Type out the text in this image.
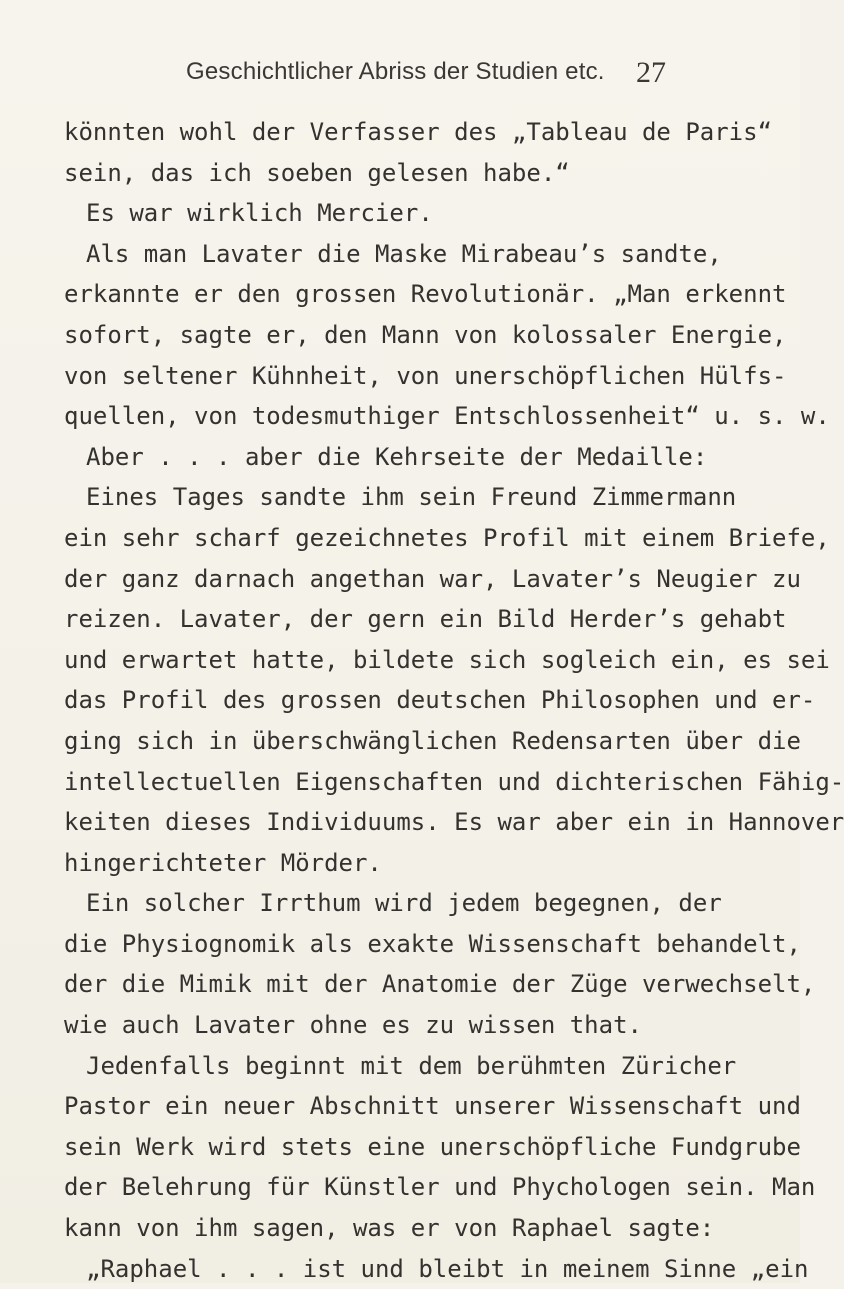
Geschichtlicher Abriss der Studien etc.	27
könnten wohl der Verfasser des „Tableau de Paris“
sein, das ich soeben gelesen habe.“
Es war wirklich Mercier.
Als man Lavater die Maske Mirabeau’s sandte,
erkannte er den grossen Revolutionär. „Man erkennt
sofort, sagte er, den Mann von kolossaler Energie,
von seltener Kühnheit, von unerschöpflichen Hülfs-
quellen, von todesmuthiger Entschlossenheit“ u. s. w.
Aber . . . aber die Kehrseite der Medaille:
Eines Tages sandte ihm sein Freund Zimmermann
ein sehr scharf gezeichnetes Profil mit einem Briefe,
der ganz darnach angethan war, Lavater’s Neugier zu
reizen. Lavater, der gern ein Bild Herder’s gehabt
und erwartet hatte, bildete sich sogleich ein, es sei
das Profil des grossen deutschen Philosophen und er-
ging sich in überschwänglichen Redensarten über die
intellectuellen Eigenschaften und dichterischen Fähig-
keiten dieses Individuums. Es war aber ein in Hannover
hingerichteter Mörder.
Ein solcher Irrthum wird jedem begegnen, der
die Physiognomik als exakte Wissenschaft behandelt,
der die Mimik mit der Anatomie der Züge verwechselt,
wie auch Lavater ohne es zu wissen that.
Jedenfalls beginnt mit dem berühmten Züricher
Pastor ein neuer Abschnitt unserer Wissenschaft und
sein Werk wird stets eine unerschöpfliche Fundgrube
der Belehrung für Künstler und Phychologen sein. Man
kann von ihm sagen, was er von Raphael sagte:
„Raphael . . . ist und bleibt in meinem Sinne „ein
